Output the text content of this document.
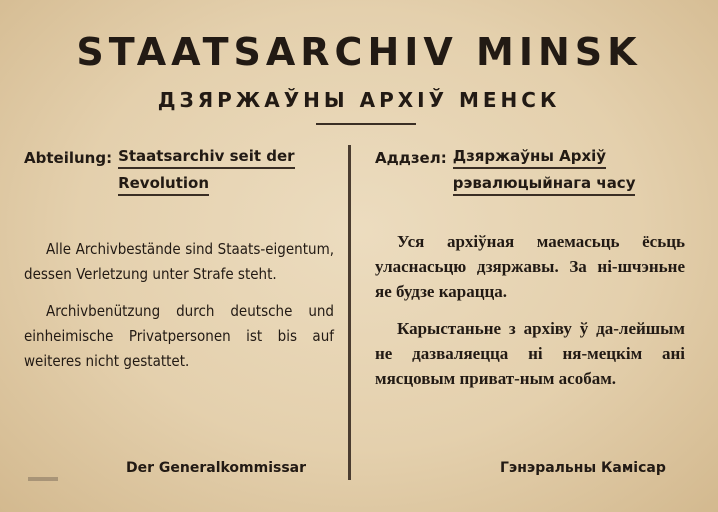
STAATSARCHIV MINSK
ДЗЯРЖАЎНЫ АРХІЎ МЕНСК
Abteilung: Staatsarchiv seit der
Revolution

Alle Archivbestände sind Staats-eigentum, dessen Verletzung unter Strafe steht.

Archivbenützung durch deutsche und einheimische Privatpersonen ist bis auf weiteres nicht gestattet.

Der Generalkommissar
Аддзел: Дзяржаўны Архіў
рэвалюцыйнага часу

Уся архіўная маемасьць ёсьць уласнасьцю дзяржавы. За ні-шчэньне яе будзе карацца.

Карыстаньне з архіву ў да-лейшым не дазваляецца ні ня-мецкім ані мясцовым приват-ным асобам.

Гэнэральны Камісар
